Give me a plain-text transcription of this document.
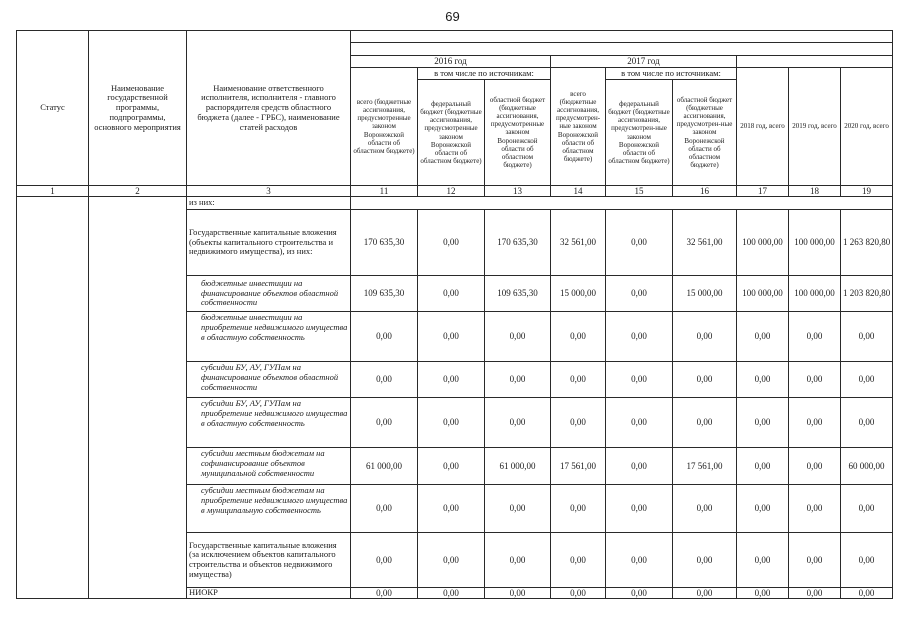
69
Статус	Наименование государственной программы, подпрограммы, основного мероприятия	Наименование ответственного исполнителя, исполнителя - главного распорядителя средств областного бюджета (далее - ГРБС), наименование статей расходов									

			2016 год			2017 год					
			всего (бюджетные ассигнования, предусмотренные законом Воронежской области об областном бюджете)	в том числе по источникам:		всего (бюджетные ассигнования, предусмотрен-ные законом Воронежской области об областном бюджете)	в том числе по источникам:		2018 год, всего	2019 год, всего	2020 год, всего
				федеральный бюджет (бюджетные ассигнования, предусмотренные законом Воронежской области об областном бюджете)	областной бюджет (бюджетные ассигнования, предусмотренные законом Воронежской области об областном бюджете)		федеральный бюджет (бюджетные ассигнования, предусмотрен-ные законом Воронежской области об областном бюджете)	областной бюджет (бюджетные ассигнования, предусмотрен-ные законом Воронежской области об областном бюджете)			
1	2	3	11	12	13	14	15	16	17	18	19
		из них:									
		Государственные капитальные вложения (объекты капитального строительства и недвижимого имущества), из них:	170 635,30	0,00	170 635,30	32 561,00	0,00	32 561,00	100 000,00	100 000,00	1 263 820,80
		бюджетные инвестиции на финансирование объектов областной собственности	109 635,30	0,00	109 635,30	15 000,00	0,00	15 000,00	100 000,00	100 000,00	1 203 820,80
		бюджетные инвестиции на приобретение недвижимого имущества в областную собственность	0,00	0,00	0,00	0,00	0,00	0,00	0,00	0,00	0,00
		субсидии БУ, АУ, ГУПам на финансирование объектов областной собственности	0,00	0,00	0,00	0,00	0,00	0,00	0,00	0,00	0,00
		субсидии БУ, АУ, ГУПам на приобретение недвижимого имущества в областную собственность	0,00	0,00	0,00	0,00	0,00	0,00	0,00	0,00	0,00
		субсидии местным бюджетам на софинансирование объектов муниципальной собственности	61 000,00	0,00	61 000,00	17 561,00	0,00	17 561,00	0,00	0,00	60 000,00
		субсидии местным бюджетам на приобретение недвижимого имущества в муниципальную собственность	0,00	0,00	0,00	0,00	0,00	0,00	0,00	0,00	0,00
		Государственные капитальные вложения (за исключением объектов капитального строительства и объектов недвижимого имущества)	0,00	0,00	0,00	0,00	0,00	0,00	0,00	0,00	0,00
		НИОКР	0,00	0,00	0,00	0,00	0,00	0,00	0,00	0,00	0,00
